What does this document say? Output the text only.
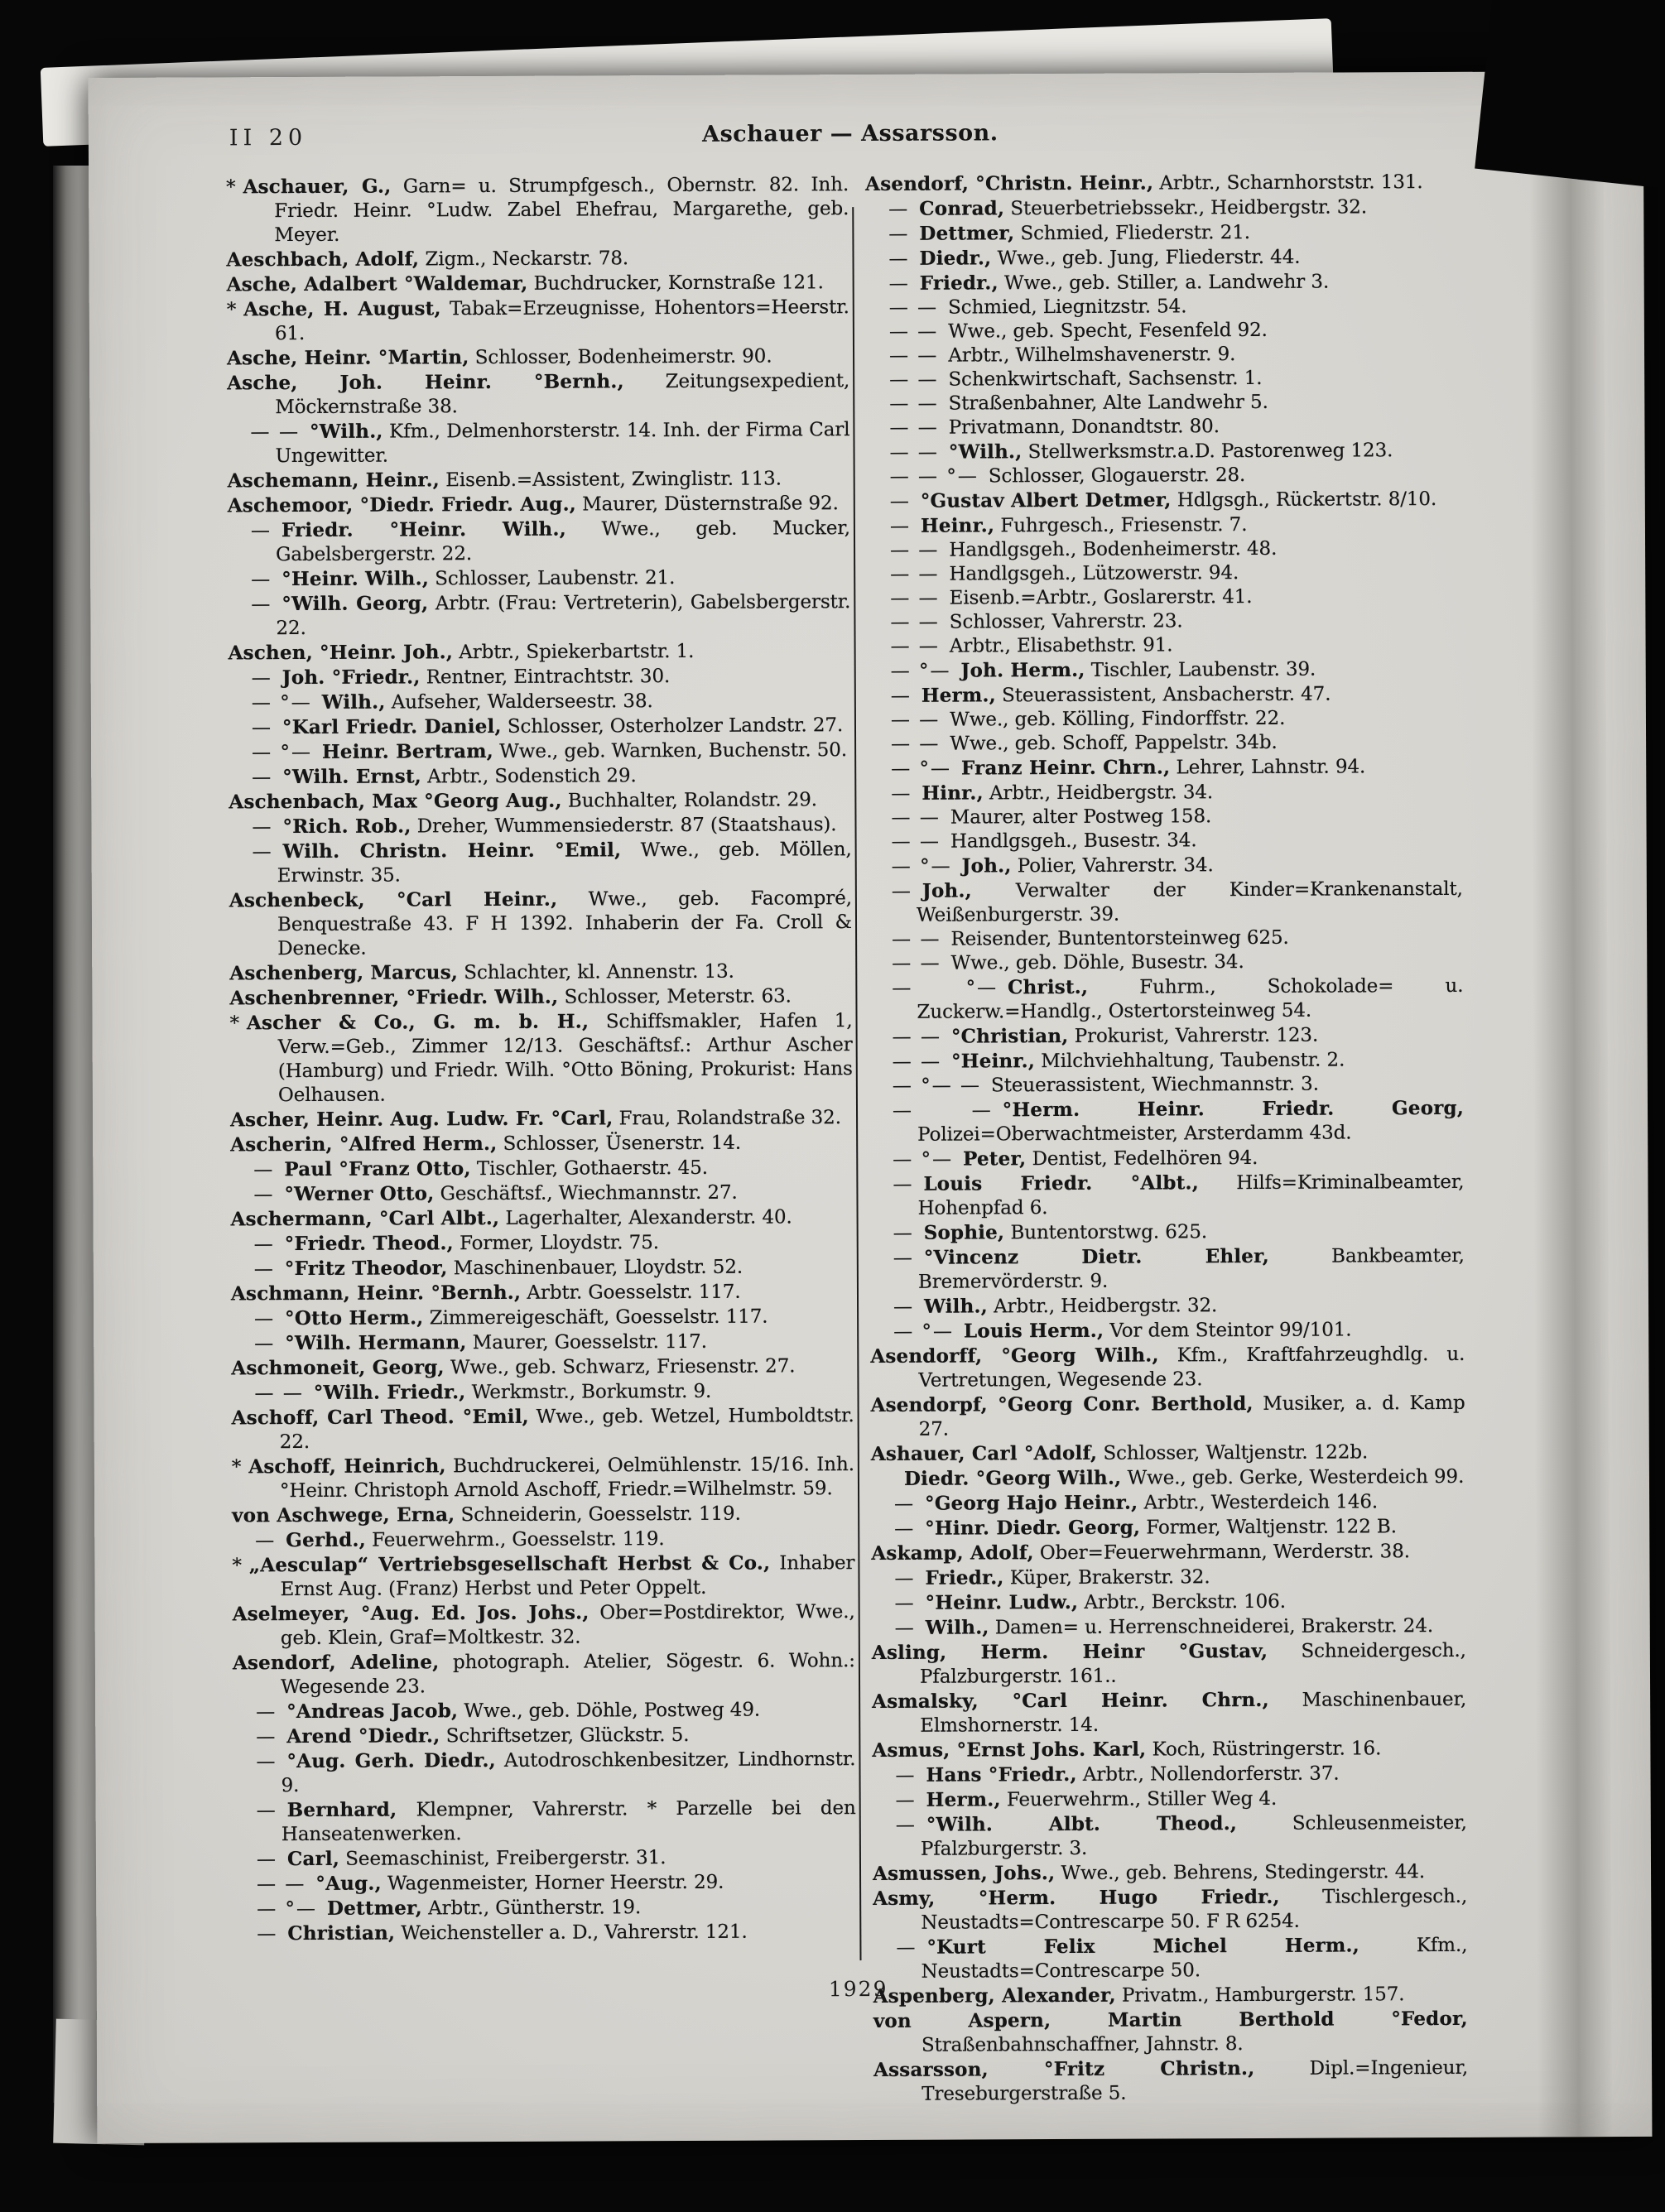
II 20	Aschauer — Assarsson.
* Aschauer, G., Garn= u. Strumpfgesch., Obernstr. 82. Inh. Friedr. Heinr. °Ludw. Zabel Ehefrau, Margarethe, geb. Meyer.
Aeschbach, Adolf, Zigm., Neckarstr. 78.
Asche, Adalbert °Waldemar, Buchdrucker, Kornstraße 121.
* Asche, H. August, Tabak=Erzeugnisse, Hohentors=Heerstr. 61.
Asche, Heinr. °Martin, Schlosser, Bodenheimerstr. 90.
Asche, Joh. Heinr. °Bernh., Zeitungsexpedient, Möckernstraße 38.
— — °Wilh., Kfm., Delmenhorsterstr. 14. Inh. der Firma Carl Ungewitter.
Aschemann, Heinr., Eisenb.=Assistent, Zwinglistr. 113.
Aschemoor, °Diedr. Friedr. Aug., Maurer, Düsternstraße 92.
— Friedr. °Heinr. Wilh., Wwe., geb. Mucker, Gabelsbergerstr. 22.
— °Heinr. Wilh., Schlosser, Laubenstr. 21.
— °Wilh. Georg, Arbtr. (Frau: Vertreterin), Gabelsbergerstr. 22.
Aschen, °Heinr. Joh., Arbtr., Spiekerbartstr. 1.
— Joh. °Friedr., Rentner, Eintrachtstr. 30.
— °— Wilh., Aufseher, Walderseestr. 38.
— °Karl Friedr. Daniel, Schlosser, Osterholzer Landstr. 27.
— °— Heinr. Bertram, Wwe., geb. Warnken, Buchenstr. 50.
— °Wilh. Ernst, Arbtr., Sodenstich 29.
Aschenbach, Max °Georg Aug., Buchhalter, Rolandstr. 29.
— °Rich. Rob., Dreher, Wummensiederstr. 87 (Staatshaus).
— Wilh. Christn. Heinr. °Emil, Wwe., geb. Möllen, Erwinstr. 35.
Aschenbeck, °Carl Heinr., Wwe., geb. Facompré, Benquestraße 43. F H 1392. Inhaberin der Fa. Croll & Denecke.
Aschenberg, Marcus, Schlachter, kl. Annenstr. 13.
Aschenbrenner, °Friedr. Wilh., Schlosser, Meterstr. 63.
* Ascher & Co., G. m. b. H., Schiffsmakler, Hafen 1, Verw.=Geb., Zimmer 12/13. Geschäftsf.: Arthur Ascher (Hamburg) und Friedr. Wilh. °Otto Böning, Prokurist: Hans Oelhausen.
Ascher, Heinr. Aug. Ludw. Fr. °Carl, Frau, Rolandstraße 32.
Ascherin, °Alfred Herm., Schlosser, Üsenerstr. 14.
— Paul °Franz Otto, Tischler, Gothaerstr. 45.
— °Werner Otto, Geschäftsf., Wiechmannstr. 27.
Aschermann, °Carl Albt., Lagerhalter, Alexanderstr. 40.
— °Friedr. Theod., Former, Lloydstr. 75.
— °Fritz Theodor, Maschinenbauer, Lloydstr. 52.
Aschmann, Heinr. °Bernh., Arbtr. Goesselstr. 117.
— °Otto Herm., Zimmereigeschäft, Goesselstr. 117.
— °Wilh. Hermann, Maurer, Goesselstr. 117.
Aschmoneit, Georg, Wwe., geb. Schwarz, Friesenstr. 27.
— — °Wilh. Friedr., Werkmstr., Borkumstr. 9.
Aschoff, Carl Theod. °Emil, Wwe., geb. Wetzel, Humboldtstr. 22.
* Aschoff, Heinrich, Buchdruckerei, Oelmühlenstr. 15/16. Inh. °Heinr. Christoph Arnold Aschoff, Friedr.=Wilhelmstr. 59.
von Aschwege, Erna, Schneiderin, Goesselstr. 119.
— Gerhd., Feuerwehrm., Goesselstr. 119.
* „Aesculap“ Vertriebsgesellschaft Herbst & Co., Inhaber Ernst Aug. (Franz) Herbst und Peter Oppelt.
Aselmeyer, °Aug. Ed. Jos. Johs., Ober=Postdirektor, Wwe., geb. Klein, Graf=Moltkestr. 32.
Asendorf, Adeline, photograph. Atelier, Sögestr. 6. Wohn.: Wegesende 23.
— °Andreas Jacob, Wwe., geb. Döhle, Postweg 49.
— Arend °Diedr., Schriftsetzer, Glückstr. 5.
— °Aug. Gerh. Diedr., Autodroschkenbesitzer, Lindhornstr. 9.
— Bernhard, Klempner, Vahrerstr. * Parzelle bei den Hanseatenwerken.
— Carl, Seemaschinist, Freibergerstr. 31.
— — °Aug., Wagenmeister, Horner Heerstr. 29.
— °— Dettmer, Arbtr., Güntherstr. 19.
— Christian, Weichensteller a. D., Vahrerstr. 121.
Asendorf, °Christn. Heinr., Arbtr., Scharnhorststr. 131.
— Conrad, Steuerbetriebssekr., Heidbergstr. 32.
— Dettmer, Schmied, Fliederstr. 21.
— Diedr., Wwe., geb. Jung, Fliederstr. 44.
— Friedr., Wwe., geb. Stiller, a. Landwehr 3.
— — Schmied, Liegnitzstr. 54.
— — Wwe., geb. Specht, Fesenfeld 92.
— — Arbtr., Wilhelmshavenerstr. 9.
— — Schenkwirtschaft, Sachsenstr. 1.
— — Straßenbahner, Alte Landwehr 5.
— — Privatmann, Donandtstr. 80.
— — °Wilh., Stellwerksmstr.a.D. Pastorenweg 123.
— — °— Schlosser, Glogauerstr. 28.
— °Gustav Albert Detmer, Hdlgsgh., Rückertstr. 8/10.
— Heinr., Fuhrgesch., Friesenstr. 7.
— — Handlgsgeh., Bodenheimerstr. 48.
— — Handlgsgeh., Lützowerstr. 94.
— — Eisenb.=Arbtr., Goslarerstr. 41.
— — Schlosser, Vahrerstr. 23.
— — Arbtr., Elisabethstr. 91.
— °— Joh. Herm., Tischler, Laubenstr. 39.
— Herm., Steuerassistent, Ansbacherstr. 47.
— — Wwe., geb. Kölling, Findorffstr. 22.
— — Wwe., geb. Schoff, Pappelstr. 34b.
— °— Franz Heinr. Chrn., Lehrer, Lahnstr. 94.
— Hinr., Arbtr., Heidbergstr. 34.
— — Maurer, alter Postweg 158.
— — Handlgsgeh., Busestr. 34.
— °— Joh., Polier, Vahrerstr. 34.
— Joh., Verwalter der Kinder=Krankenanstalt, Weißenburgerstr. 39.
— — Reisender, Buntentorsteinweg 625.
— — Wwe., geb. Döhle, Busestr. 34.
— °— Christ., Fuhrm., Schokolade= u. Zuckerw.=Handlg., Ostertorsteinweg 54.
— — °Christian, Prokurist, Vahrerstr. 123.
— — °Heinr., Milchviehhaltung, Taubenstr. 2.
— °— — Steuerassistent, Wiechmannstr. 3.
— — °Herm. Heinr. Friedr. Georg, Polizei=Oberwachtmeister, Arsterdamm 43d.
— °— Peter, Dentist, Fedelhören 94.
— Louis Friedr. °Albt., Hilfs=Kriminalbeamter, Hohenpfad 6.
— Sophie, Buntentorstwg. 625.
— °Vincenz Dietr. Ehler, Bankbeamter, Bremervörderstr. 9.
— Wilh., Arbtr., Heidbergstr. 32.
— °— Louis Herm., Vor dem Steintor 99/101.
Asendorff, °Georg Wilh., Kfm., Kraftfahrzeughdlg. u. Vertretungen, Wegesende 23.
Asendorpf, °Georg Conr. Berthold, Musiker, a. d. Kamp 27.
Ashauer, Carl °Adolf, Schlosser, Waltjenstr. 122b.
Diedr. °Georg Wilh., Wwe., geb. Gerke, Westerdeich 99.
— °Georg Hajo Heinr., Arbtr., Westerdeich 146.
— °Hinr. Diedr. Georg, Former, Waltjenstr. 122 B.
Askamp, Adolf, Ober=Feuerwehrmann, Werderstr. 38.
— Friedr., Küper, Brakerstr. 32.
— °Heinr. Ludw., Arbtr., Berckstr. 106.
— Wilh., Damen= u. Herrenschneiderei, Brakerstr. 24.
Asling, Herm. Heinr °Gustav, Schneidergesch., Pfalzburgerstr. 161..
Asmalsky, °Carl Heinr. Chrn., Maschinenbauer, Elmshornerstr. 14.
Asmus, °Ernst Johs. Karl, Koch, Rüstringerstr. 16.
— Hans °Friedr., Arbtr., Nollendorferstr. 37.
— Herm., Feuerwehrm., Stiller Weg 4.
— °Wilh. Albt. Theod., Schleusenmeister, Pfalzburgerstr. 3.
Asmussen, Johs., Wwe., geb. Behrens, Stedingerstr. 44.
Asmy, °Herm. Hugo Friedr., Tischlergesch., Neustadts=Contrescarpe 50. F R 6254.
— °Kurt Felix Michel Herm., Kfm., Neustadts=Contrescarpe 50.
Aspenberg, Alexander, Privatm., Hamburgerstr. 157.
von Aspern, Martin Berthold °Fedor, Straßenbahnschaffner, Jahnstr. 8.
Assarsson, °Fritz Christn., Dipl.=Ingenieur, Treseburgerstraße 5.
1929
